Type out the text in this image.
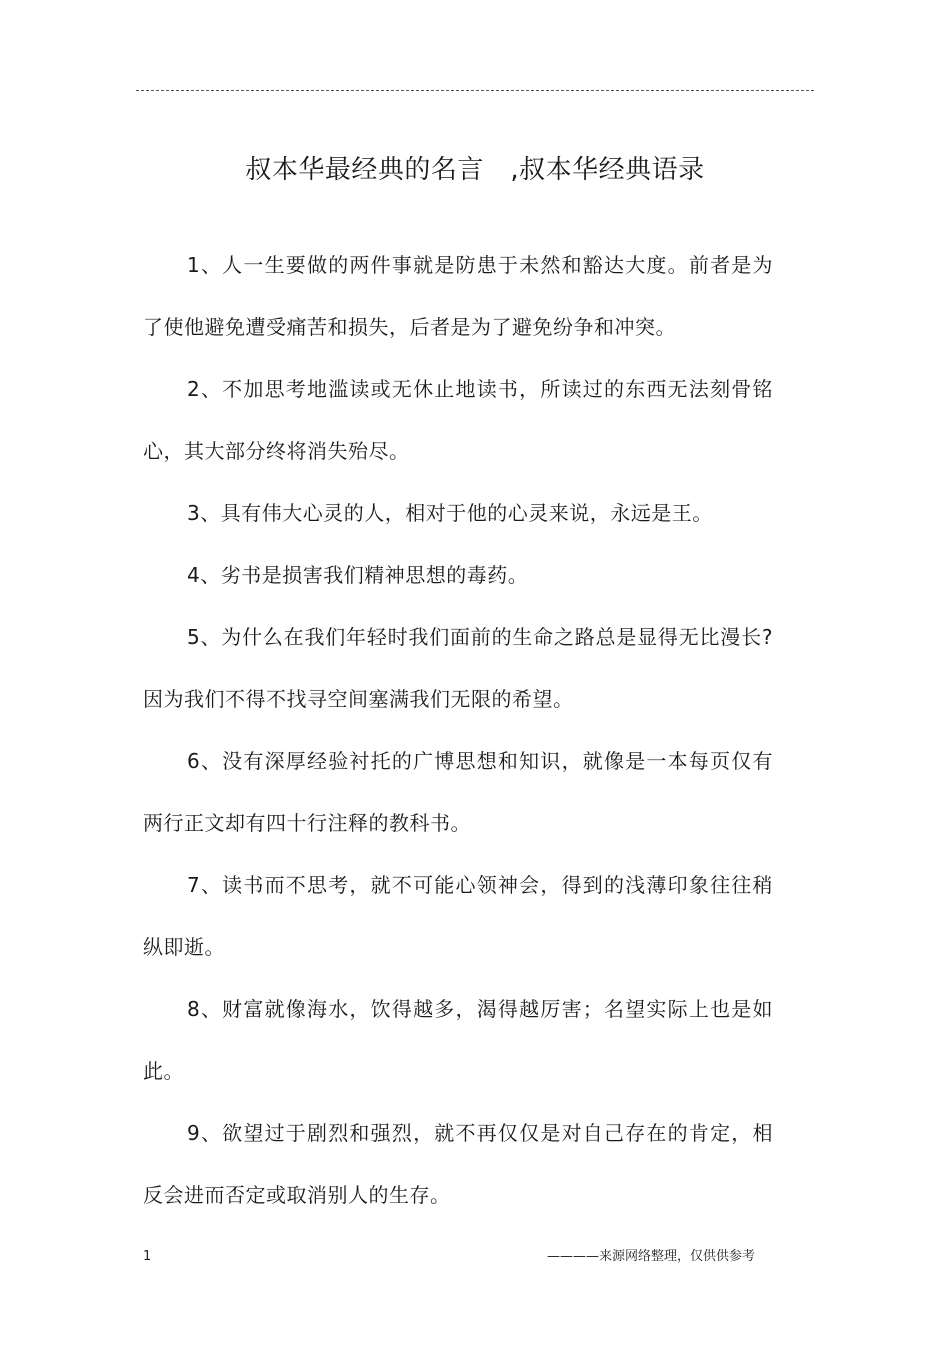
叔本华最经典的名言　,叔本华经典语录

1、人一生要做的两件事就是防患于未然和豁达大度。前者是为了使他避免遭受痛苦和损失，后者是为了避免纷争和冲突。

2、不加思考地滥读或无休止地读书，所读过的东西无法刻骨铭心，其大部分终将消失殆尽。

3、具有伟大心灵的人，相对于他的心灵来说，永远是王。

4、劣书是损害我们精神思想的毒药。

5、为什么在我们年轻时我们面前的生命之路总是显得无比漫长?因为我们不得不找寻空间塞满我们无限的希望。

6、没有深厚经验衬托的广博思想和知识，就像是一本每页仅有两行正文却有四十行注释的教科书。

7、读书而不思考，就不可能心领神会，得到的浅薄印象往往稍纵即逝。

8、财富就像海水，饮得越多，渴得越厉害；名望实际上也是如此。

9、欲望过于剧烈和强烈，就不再仅仅是对自己存在的肯定，相反会进而否定或取消别人的生存。

1	————来源网络整理，仅供供参考
